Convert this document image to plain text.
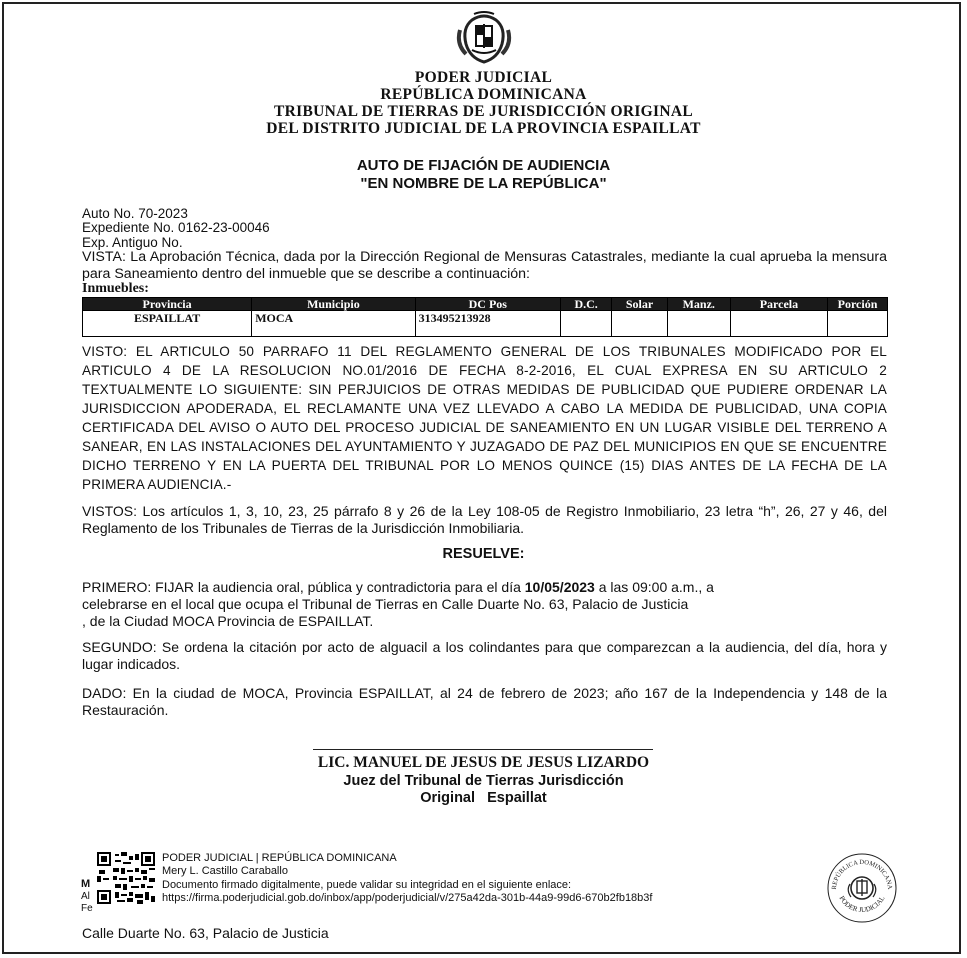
PODER JUDICIAL
REPÚBLICA DOMINICANA
TRIBUNAL DE TIERRAS DE JURISDICCIÓN ORIGINAL
DEL DISTRITO JUDICIAL DE LA PROVINCIA ESPAILLAT
AUTO DE FIJACIÓN DE AUDIENCIA
"EN NOMBRE DE LA REPÚBLICA"
Auto No. 70-2023
Expediente No. 0162-23-00046
Exp. Antiguo No.
VISTA: La Aprobación Técnica, dada por la Dirección Regional de Mensuras Catastrales, mediante la cual aprueba la mensura para Saneamiento dentro del inmueble que se describe a continuación:
Inmuebles:
Provincia	Municipio	DC Pos	D.C.	Solar	Manz.	Parcela	Porción
ESPAILLAT	MOCA	313495213928					
VISTO: EL ARTICULO 50 PARRAFO 11 DEL REGLAMENTO GENERAL DE LOS TRIBUNALES MODIFICADO POR EL ARTICULO 4 DE LA RESOLUCION NO.01/2016 DE FECHA 8-2-2016, EL CUAL EXPRESA EN SU ARTICULO 2 TEXTUALMENTE LO SIGUIENTE: SIN PERJUICIOS DE OTRAS MEDIDAS DE PUBLICIDAD QUE PUDIERE ORDENAR LA JURISDICCION APODERADA, EL RECLAMANTE UNA VEZ LLEVADO A CABO LA MEDIDA DE PUBLICIDAD, UNA COPIA CERTIFICADA DEL AVISO O AUTO DEL PROCESO JUDICIAL DE SANEAMIENTO EN UN LUGAR VISIBLE DEL TERRENO A SANEAR, EN LAS INSTALACIONES DEL AYUNTAMIENTO Y JUZAGADO DE PAZ DEL MUNICIPIOS EN QUE SE ENCUENTRE DICHO TERRENO Y EN LA PUERTA DEL TRIBUNAL POR LO MENOS QUINCE (15) DIAS ANTES DE LA FECHA DE LA PRIMERA AUDIENCIA.-
VISTOS: Los artículos 1, 3, 10, 23, 25 párrafo 8 y 26 de la Ley 108-05 de Registro Inmobiliario, 23 letra “h”, 26, 27 y 46, del Reglamento de los Tribunales de Tierras de la Jurisdicción Inmobiliaria.
RESUELVE:
PRIMERO: FIJAR la audiencia oral, pública y contradictoria para el día 10/05/2023 a las 09:00 a.m., a
celebrarse en el local que ocupa el Tribunal de Tierras en Calle Duarte No. 63, Palacio de Justicia
, de la Ciudad MOCA Provincia de ESPAILLAT.
SEGUNDO: Se ordena la citación por acto de alguacil a los colindantes para que comparezcan a la audiencia, del día, hora y lugar indicados.
DADO: En la ciudad de MOCA, Provincia ESPAILLAT, al 24 de febrero de 2023; año 167 de la Independencia y 148 de la Restauración.
LIC. MANUEL DE JESUS DE JESUS LIZARDO
Juez del Tribunal de Tierras Jurisdicción
Original   Espaillat
M
Al
Fe
PODER JUDICIAL | REPÚBLICA DOMINICANA
Mery L. Castillo Caraballo
Documento firmado digitalmente, puede validar su integridad en el siguiente enlace:
https://firma.poderjudicial.gob.do/inbox/app/poderjudicial/v/275a42da-301b-44a9-99d6-670b2fb18b3f
Calle Duarte No. 63, Palacio de Justicia
REPÚBLICA DOMINICANA
PODER JUDICIAL
